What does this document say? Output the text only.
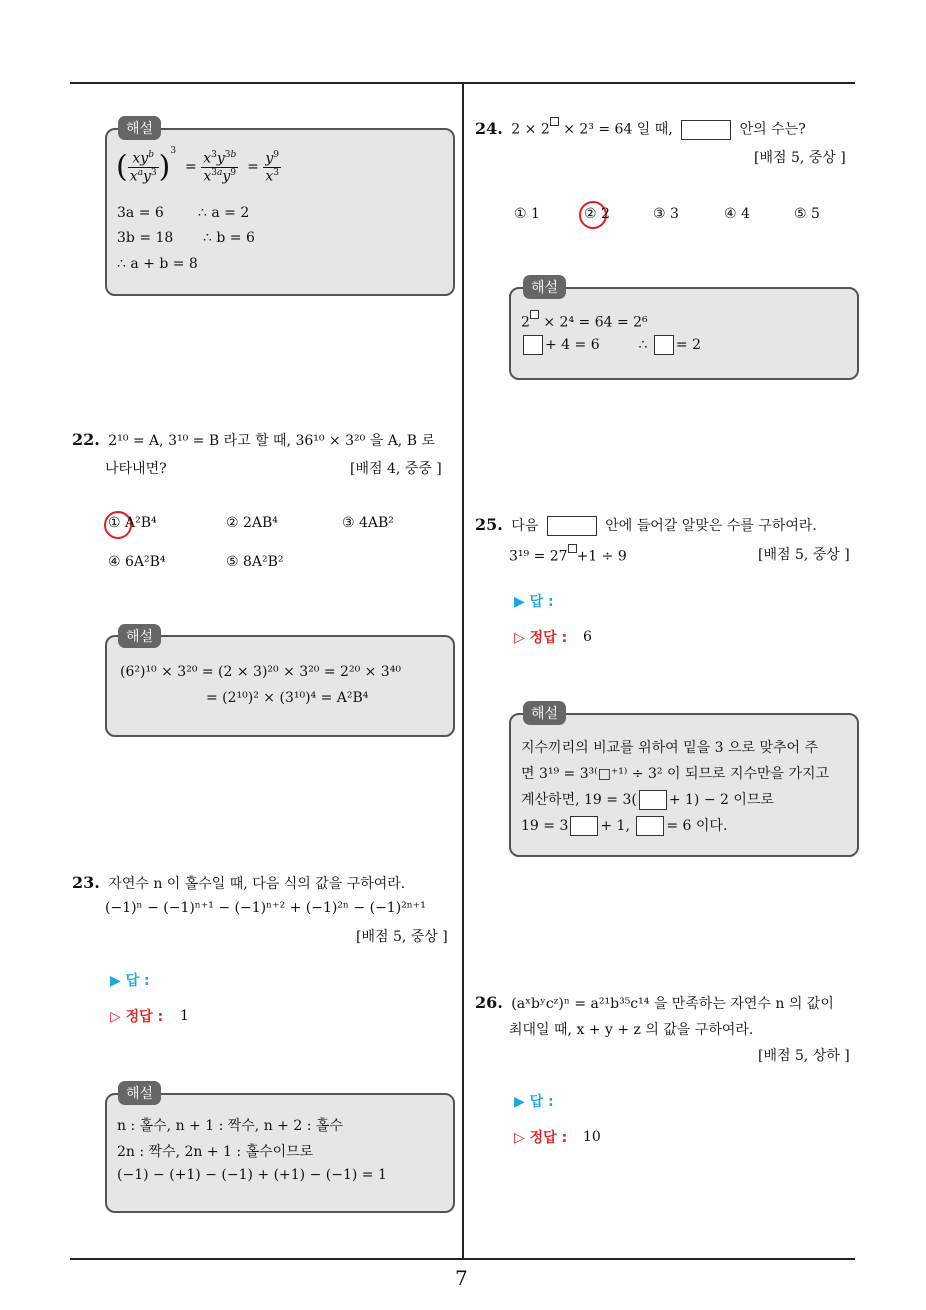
7
해설
( $\frac{xy^b}{x^ay^3} )^3 = \frac{x^3y^{3b}}{x^{3a}y^9} = \frac{y^9}{x^3}$
3a = 6 ∴ a = 2
3b = 18 ∴ b = 6
∴ a + b = 8
22. 2¹⁰ = A, 3¹⁰ = B 라고 할 때, 36¹⁰ × 3²⁰ 을 A, B 로
나타내면?	[배점 4, 중중 ]
① A²B⁴	② 2AB⁴	③ 4AB²
④ 6A²B⁴	⑤ 8A²B²
해설
(6²)¹⁰ × 3²⁰ = (2 × 3)²⁰ × 3²⁰ = 2²⁰ × 3⁴⁰
= (2¹⁰)² × (3¹⁰)⁴ = A²B⁴
23. 자연수 n 이 홀수일 때, 다음 식의 값을 구하여라.
(−1)ⁿ − (−1)ⁿ⁺¹ − (−1)ⁿ⁺² + (−1)²ⁿ − (−1)²ⁿ⁺¹
[배점 5, 중상 ]
▶ 답 :
▷ 정답 : 1
해설
n : 홀수, n + 1 : 짝수, n + 2 : 홀수
2n : 짝수, 2n + 1 : 홀수이므로
(−1) − (+1) − (−1) + (+1) − (−1) = 1
24. 2 × 2 × 2³ = 64 일 때,	안의 수는?
[배점 5, 중상 ]
① 1	② 2	③ 3	④ 4	⑤ 5
해설
2 × 2⁴ = 64 = 2⁶
+ 4 = 6	∴ = 2
25. 다음	안에 들어갈 알맞은 수를 구하여라.
3¹⁹ = 27 +1 ÷ 9	[배점 5, 중상 ]
▶ 답 :
▷ 정답 : 6
해설
지수끼리의 비교를 위하여 밑을 3 으로 맞추어 주
면 3¹⁹ = 3³⁽□⁺¹⁾ ÷ 3² 이 되므로 지수만을 가지고
계산하면, 19 = 3( + 1) − 2 이므로
19 = 3 + 1,	= 6 이다.
26. (aˣbʸcᶻ)ⁿ = a²¹b³⁵c¹⁴ 을 만족하는 자연수 n 의 값이
최대일 때, x + y + z 의 값을 구하여라.
[배점 5, 상하 ]
▶ 답 :
▷ 정답 : 10
